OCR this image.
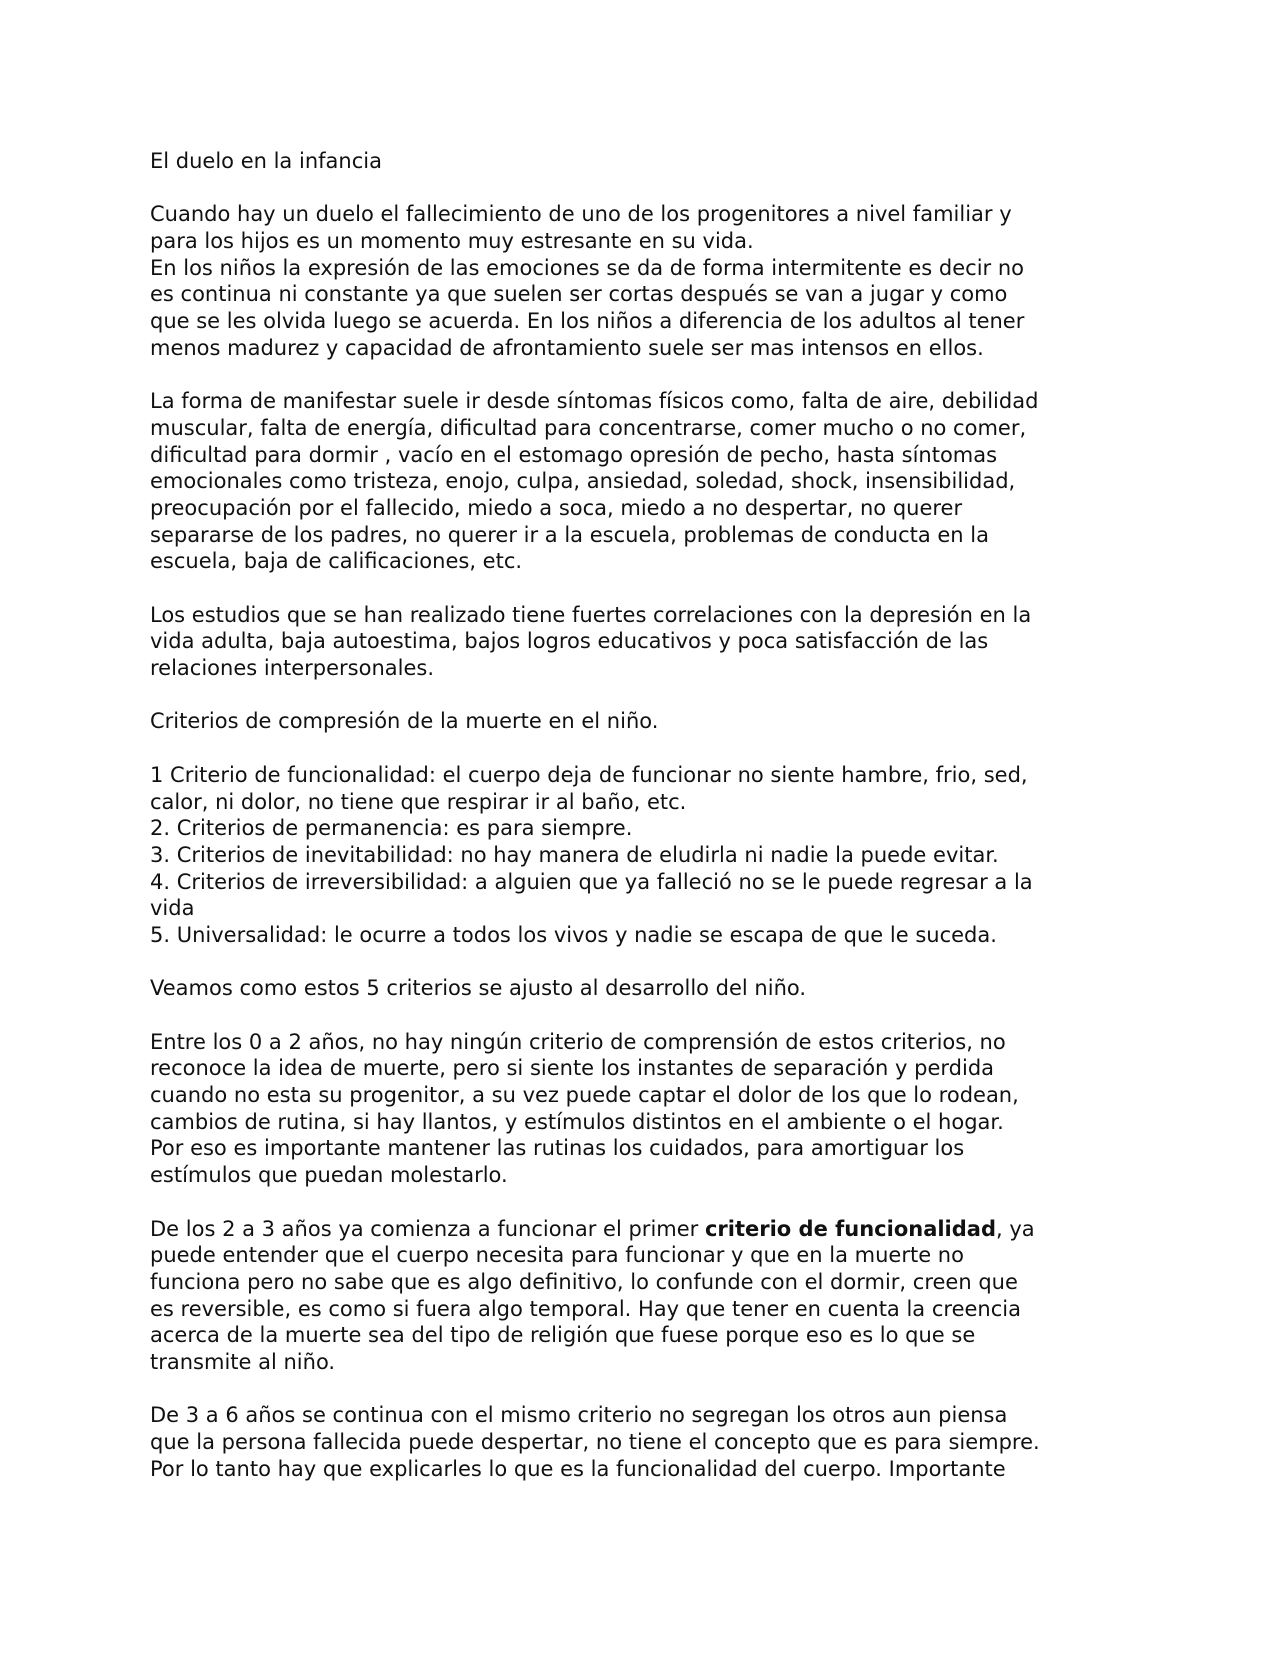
El duelo en la infancia
Cuando hay un duelo el fallecimiento de uno de los progenitores a nivel familiar y
para los hijos es un momento muy estresante en su vida.
En los niños la expresión de las emociones se da de forma intermitente es decir no
es continua ni constante ya que suelen ser cortas después se van a jugar y como
que se les olvida luego se acuerda. En los niños a diferencia de los adultos al tener
menos madurez y capacidad de afrontamiento suele ser mas intensos en ellos.
La forma de manifestar suele ir desde síntomas físicos como, falta de aire, debilidad
muscular, falta de energía, dificultad para concentrarse, comer mucho o no comer,
dificultad para dormir , vacío en el estomago opresión de pecho, hasta síntomas
emocionales como tristeza, enojo, culpa, ansiedad, soledad, shock, insensibilidad,
preocupación por el fallecido, miedo a soca, miedo a no despertar, no querer
separarse de los padres, no querer ir a la escuela, problemas de conducta en la
escuela, baja de calificaciones, etc.
Los estudios que se han realizado tiene fuertes correlaciones con la depresión en la
vida adulta, baja autoestima, bajos logros educativos y poca satisfacción de las
relaciones interpersonales.
Criterios de compresión de la muerte en el niño.
1 Criterio de funcionalidad: el cuerpo deja de funcionar no siente hambre, frio, sed,
calor, ni dolor, no tiene que respirar ir al baño, etc.
2. Criterios de permanencia: es para siempre.
3. Criterios de inevitabilidad: no hay manera de eludirla ni nadie la puede evitar.
4. Criterios de irreversibilidad: a alguien que ya falleció no se le puede regresar a la
vida
5. Universalidad: le ocurre a todos los vivos y nadie se escapa de que le suceda.
Veamos como estos 5 criterios se ajusto al desarrollo del niño.
Entre los 0 a 2 años, no hay ningún criterio de comprensión de estos criterios, no
reconoce la idea de muerte, pero si siente los instantes de separación y perdida
cuando no esta su progenitor, a su vez puede captar el dolor de los que lo rodean,
cambios de rutina, si hay llantos, y estímulos distintos en el ambiente o el hogar.
Por eso es importante mantener las rutinas los cuidados, para amortiguar los
estímulos que puedan molestarlo.
De los 2 a 3 años ya comienza a funcionar el primer criterio de funcionalidad, ya
puede entender que el cuerpo necesita para funcionar y que en la muerte no
funciona pero no sabe que es algo definitivo, lo confunde con el dormir, creen que
es reversible, es como si fuera algo temporal. Hay que tener en cuenta la creencia
acerca de la muerte sea del tipo de religión que fuese porque eso es lo que se
transmite al niño.
De 3 a 6 años se continua con el mismo criterio no segregan los otros aun piensa
que la persona fallecida puede despertar, no tiene el concepto que es para siempre.
Por lo tanto hay que explicarles lo que es la funcionalidad del cuerpo. Importante
